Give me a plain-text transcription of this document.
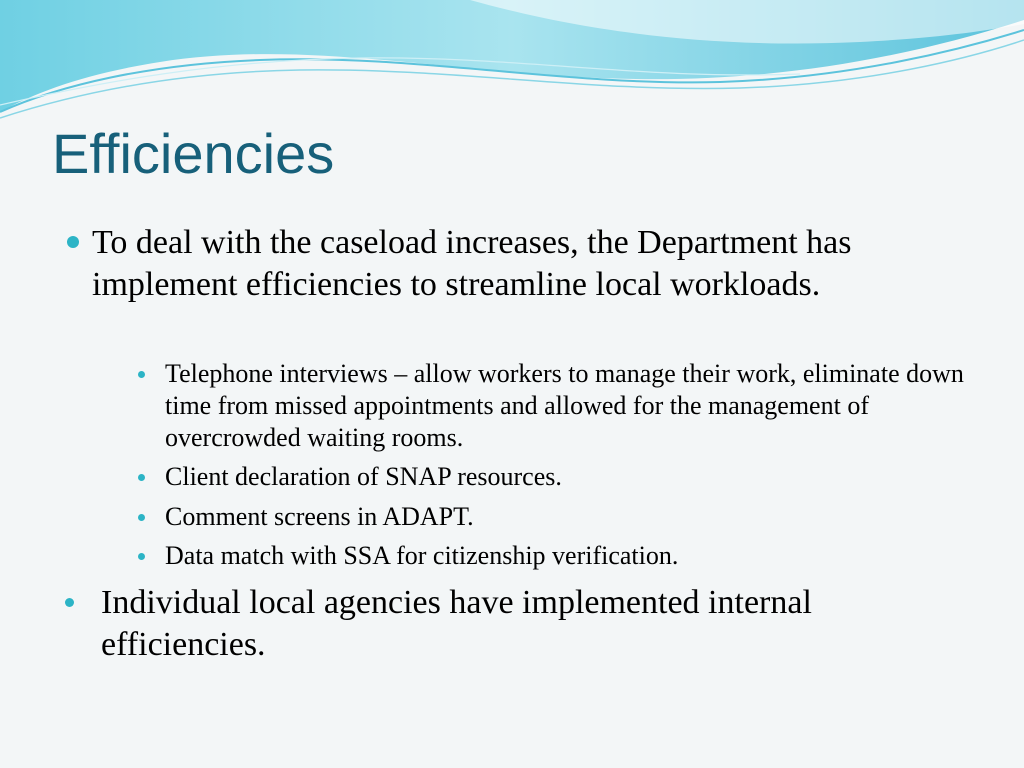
Efficiencies
To deal with the caseload increases, the Department has implement efficiencies to streamline local workloads.
Telephone interviews – allow workers to manage their work, eliminate down time from missed appointments and allowed for the management of overcrowded waiting rooms.
Client declaration of SNAP resources.
Comment screens in ADAPT.
Data match with SSA for citizenship verification.
Individual local agencies have implemented internal efficiencies.
